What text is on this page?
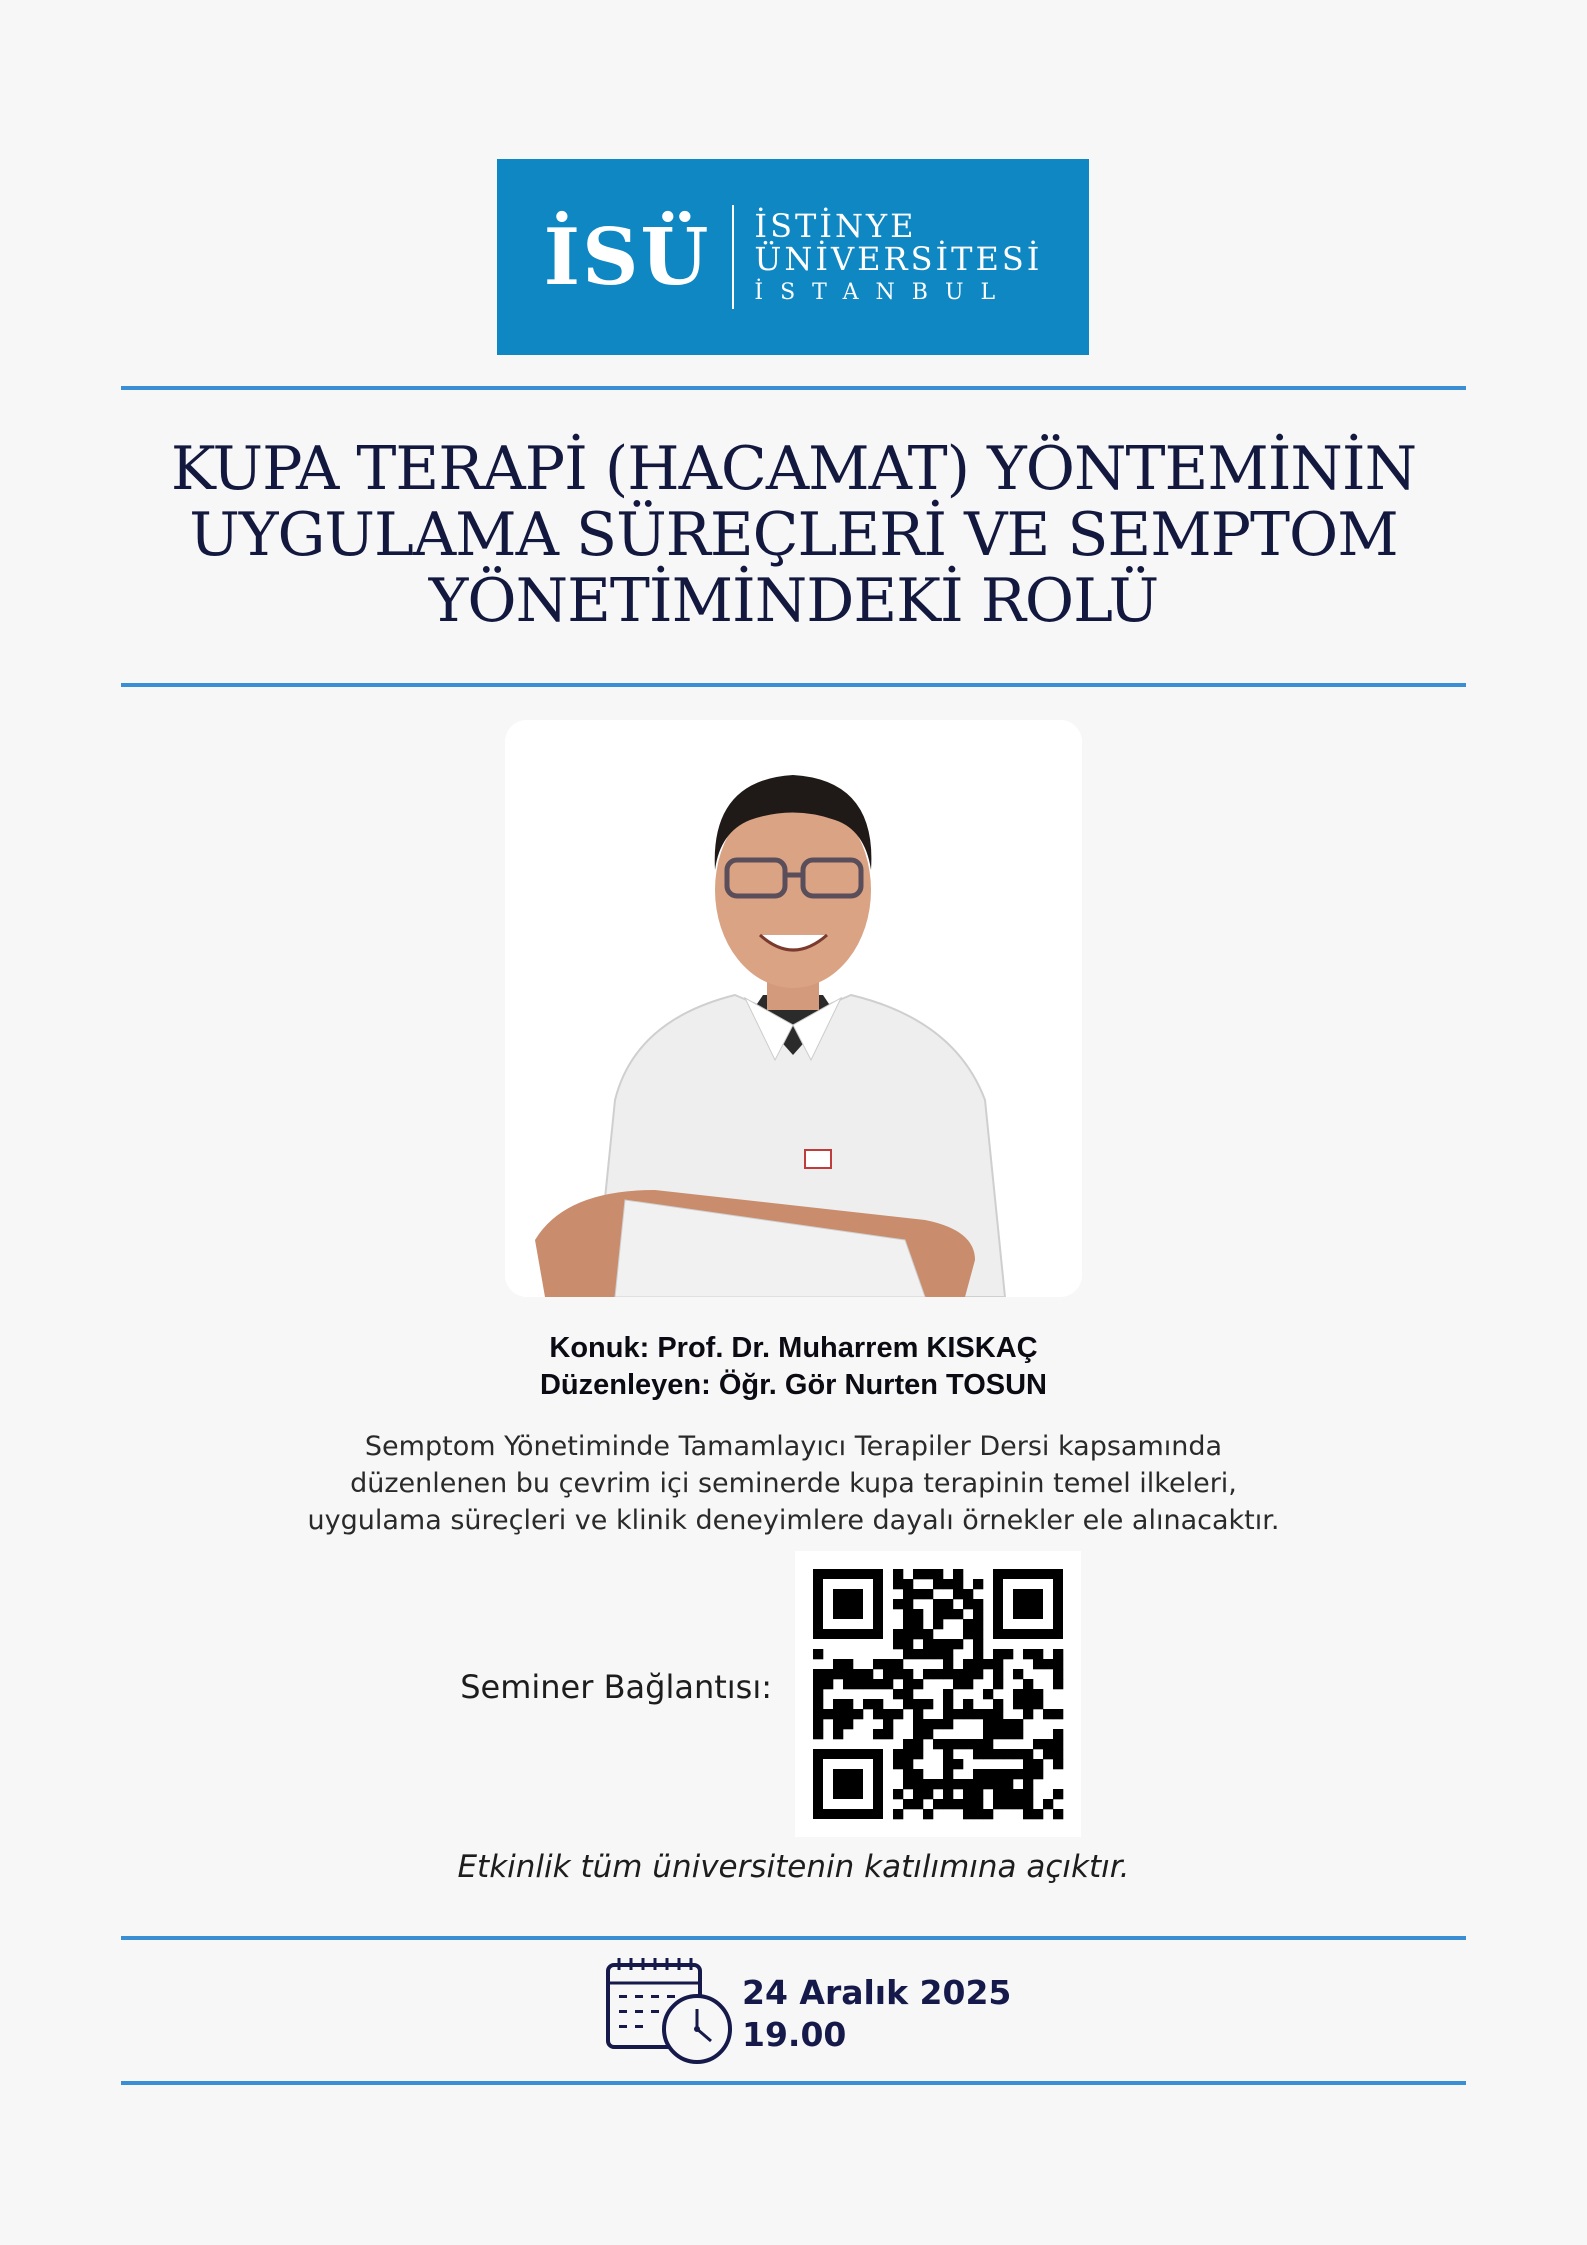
İSÜ	İSTİNYE
ÜNİVERSİTESİ
İSTANBUL
KUPA TERAPİ (HACAMAT) YÖNTEMİNİN
UYGULAMA SÜREÇLERİ VE SEMPTOM
YÖNETİMİNDEKİ ROLÜ
Konuk: Prof. Dr. Muharrem KISKAÇ
Düzenleyen: Öğr. Gör Nurten TOSUN
Semptom Yönetiminde Tamamlayıcı Terapiler Dersi kapsamında
düzenlenen bu çevrim içi seminerde kupa terapinin temel ilkeleri,
uygulama süreçleri ve klinik deneyimlere dayalı örnekler ele alınacaktır.
Seminer Bağlantısı:
Etkinlik tüm üniversitenin katılımına açıktır.
24 Aralık 2025
19.00
